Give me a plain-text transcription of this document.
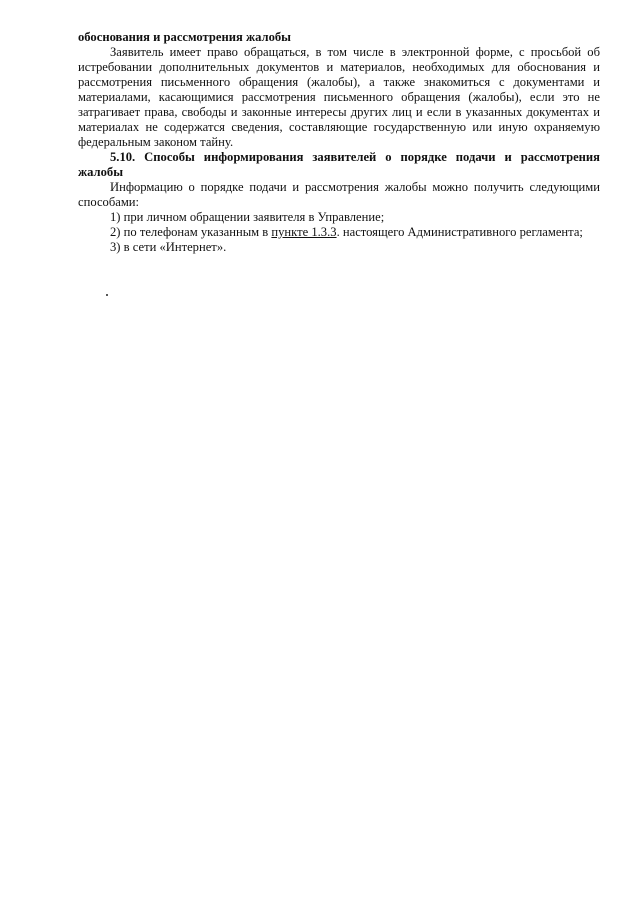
обоснования и рассмотрения жалобы

Заявитель имеет право обращаться, в том числе в электронной форме, с просьбой об истребовании дополнительных документов и материалов, необходимых для обоснования и рассмотрения письменного обращения (жалобы), а также знакомиться с документами и материалами, касающимися рассмотрения письменного обращения (жалобы), если это не затрагивает права, свободы и законные интересы других лиц и если в указанных документах и материалах не содержатся сведения, составляющие государственную или иную охраняемую федеральным законом тайну.

5.10. Способы информирования заявителей о порядке подачи и рассмотрения жалобы

Информацию о порядке подачи и рассмотрения жалобы можно получить следующими способами:

1) при личном обращении заявителя в Управление;

2) по телефонам указанным в пункте 1.3.3. настоящего Административного регламента;

3) в сети «Интернет».
